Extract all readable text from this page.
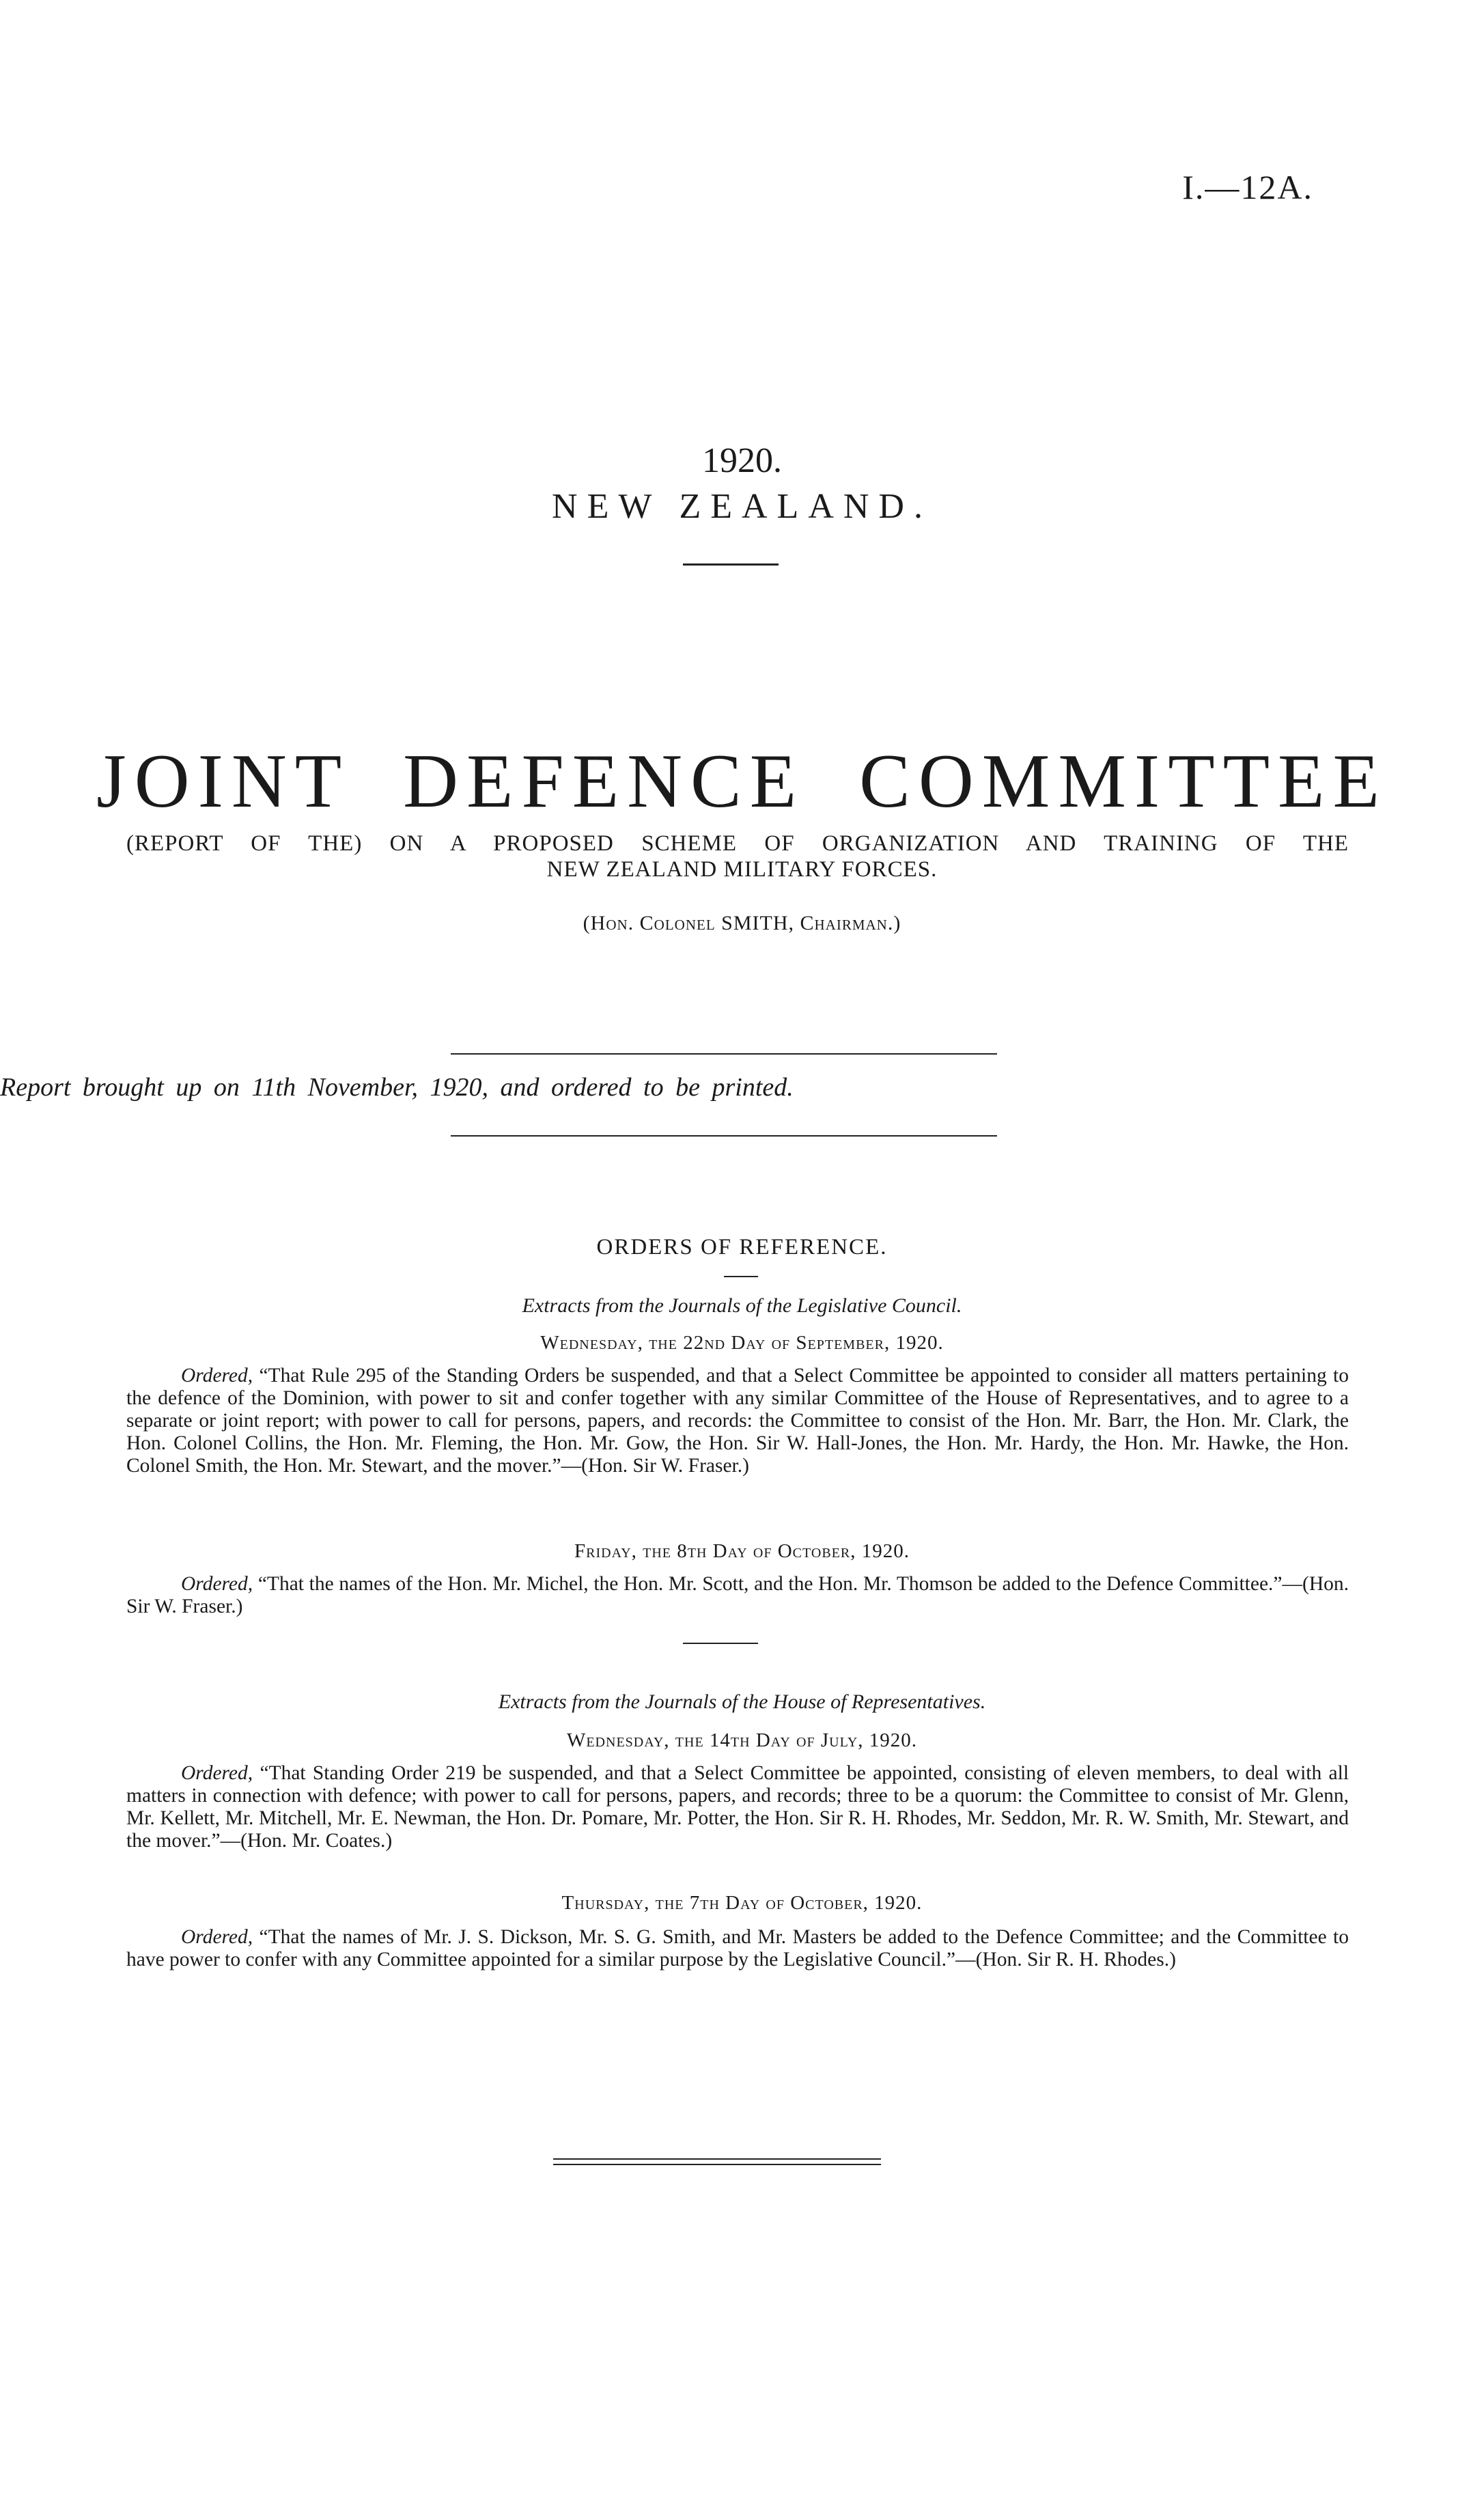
I.—12A.
1920.
NEW ZEALAND.
JOINT DEFENCE COMMITTEE
(REPORT OF THE) ON A PROPOSED SCHEME OF ORGANIZATION AND TRAINING OF THE
NEW ZEALAND MILITARY FORCES.
(Hon. Colonel SMITH, Chairman.)
Report brought up on 11th November, 1920, and ordered to be printed.
ORDERS OF REFERENCE.
Extracts from the Journals of the Legislative Council.
Wednesday, the 22nd Day of September, 1920.
Ordered, “That Rule 295 of the Standing Orders be suspended, and that a Select Committee be appointed to consider all matters pertaining to the defence of the Dominion, with power to sit and confer together with any similar Committee of the House of Representatives, and to agree to a separate or joint report; with power to call for persons, papers, and records: the Committee to consist of the Hon. Mr. Barr, the Hon. Mr. Clark, the Hon. Colonel Collins, the Hon. Mr. Fleming, the Hon. Mr. Gow, the Hon. Sir W. Hall-Jones, the Hon. Mr. Hardy, the Hon. Mr. Hawke, the Hon. Colonel Smith, the Hon. Mr. Stewart, and the mover.”—(Hon. Sir W. Fraser.)
Friday, the 8th Day of October, 1920.
Ordered, “That the names of the Hon. Mr. Michel, the Hon. Mr. Scott, and the Hon. Mr. Thomson be added to the Defence Committee.”—(Hon. Sir W. Fraser.)
Extracts from the Journals of the House of Representatives.
Wednesday, the 14th Day of July, 1920.
Ordered, “That Standing Order 219 be suspended, and that a Select Committee be appointed, consisting of eleven members, to deal with all matters in connection with defence; with power to call for persons, papers, and records; three to be a quorum: the Committee to consist of Mr. Glenn, Mr. Kellett, Mr. Mitchell, Mr. E. Newman, the Hon. Dr. Pomare, Mr. Potter, the Hon. Sir R. H. Rhodes, Mr. Seddon, Mr. R. W. Smith, Mr. Stewart, and the mover.”—(Hon. Mr. Coates.)
Thursday, the 7th Day of October, 1920.
Ordered, “That the names of Mr. J. S. Dickson, Mr. S. G. Smith, and Mr. Masters be added to the Defence Committee; and the Committee to have power to confer with any Committee appointed for a similar purpose by the Legislative Council.”—(Hon. Sir R. H. Rhodes.)
